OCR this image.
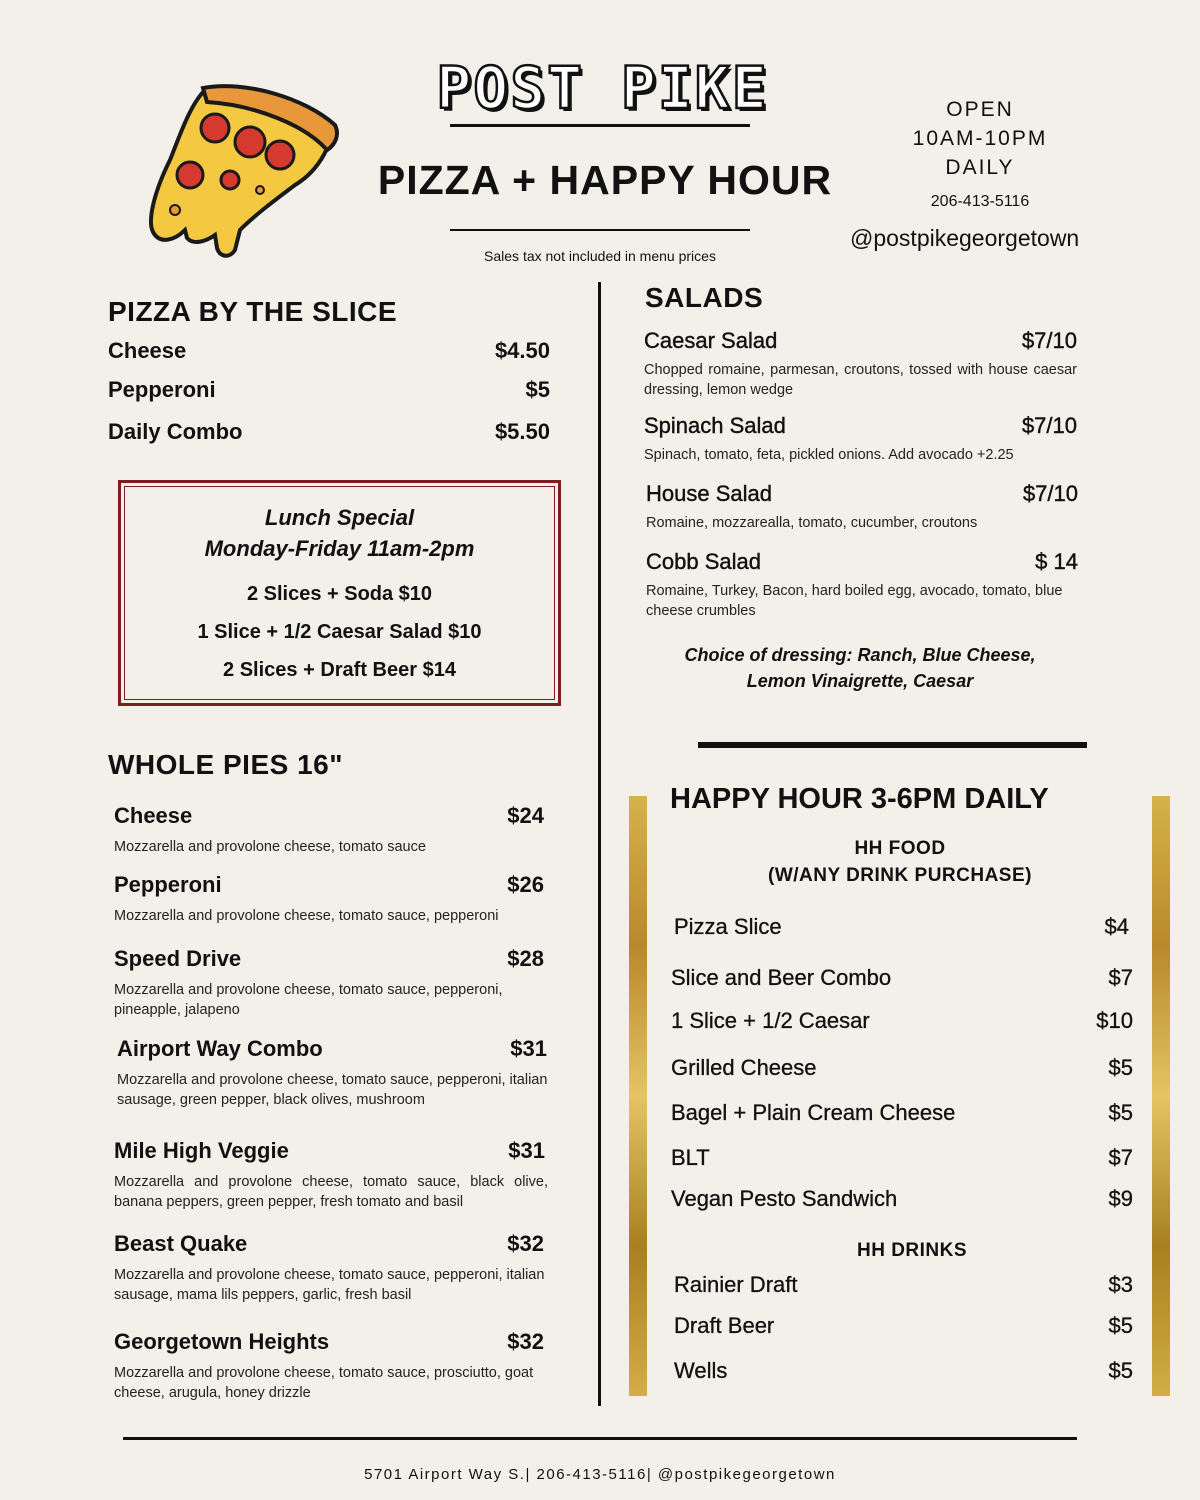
POST PIKE
PIZZA + HAPPY HOUR
Sales tax not included in menu prices
OPEN
10AM-10PM
DAILY
206-413-5116
@postpikegeorgetown
PIZZA BY THE SLICE
Cheese	$4.50
Pepperoni	$5
Daily Combo	$5.50
Lunch Special
Monday-Friday 11am-2pm
2 Slices + Soda $10
1 Slice + 1/2 Caesar Salad $10
2 Slices + Draft Beer $14
WHOLE PIES 16"
Cheese	$24
Mozzarella and provolone cheese, tomato sauce
Pepperoni	$26
Mozzarella and provolone cheese, tomato sauce, pepperoni
Speed Drive	$28
Mozzarella and provolone cheese, tomato sauce, pepperoni, pineapple, jalapeno
Airport Way Combo	$31
Mozzarella and provolone cheese, tomato sauce, pepperoni, italian sausage, green pepper, black olives, mushroom
Mile High Veggie	$31
Mozzarella and provolone cheese, tomato sauce, black olive, banana peppers, green pepper, fresh tomato and basil
Beast Quake	$32
Mozzarella and provolone cheese, tomato sauce, pepperoni, italian sausage, mama lils peppers, garlic, fresh basil
Georgetown Heights	$32
Mozzarella and provolone cheese, tomato sauce, prosciutto, goat cheese, arugula, honey drizzle
SALADS
Caesar Salad	$7/10
Chopped romaine, parmesan, croutons, tossed with house caesar dressing, lemon wedge
Spinach Salad	$7/10
Spinach, tomato, feta, pickled onions. Add avocado +2.25
House Salad	$7/10
Romaine, mozzarealla, tomato, cucumber, croutons
Cobb Salad	$ 14
Romaine, Turkey, Bacon, hard boiled egg, avocado, tomato, blue cheese crumbles
Choice of dressing: Ranch, Blue Cheese,
Lemon Vinaigrette, Caesar
HAPPY HOUR 3-6PM DAILY
HH FOOD
(W/ANY DRINK PURCHASE)
Pizza Slice	$4
Slice and Beer Combo	$7
1 Slice + 1/2 Caesar	$10
Grilled Cheese	$5
Bagel + Plain Cream Cheese	$5
BLT	$7
Vegan Pesto Sandwich	$9
HH DRINKS
Rainier Draft	$3
Draft Beer	$5
Wells	$5
5701 Airport Way S.| 206-413-5116| @postpikegeorgetown
